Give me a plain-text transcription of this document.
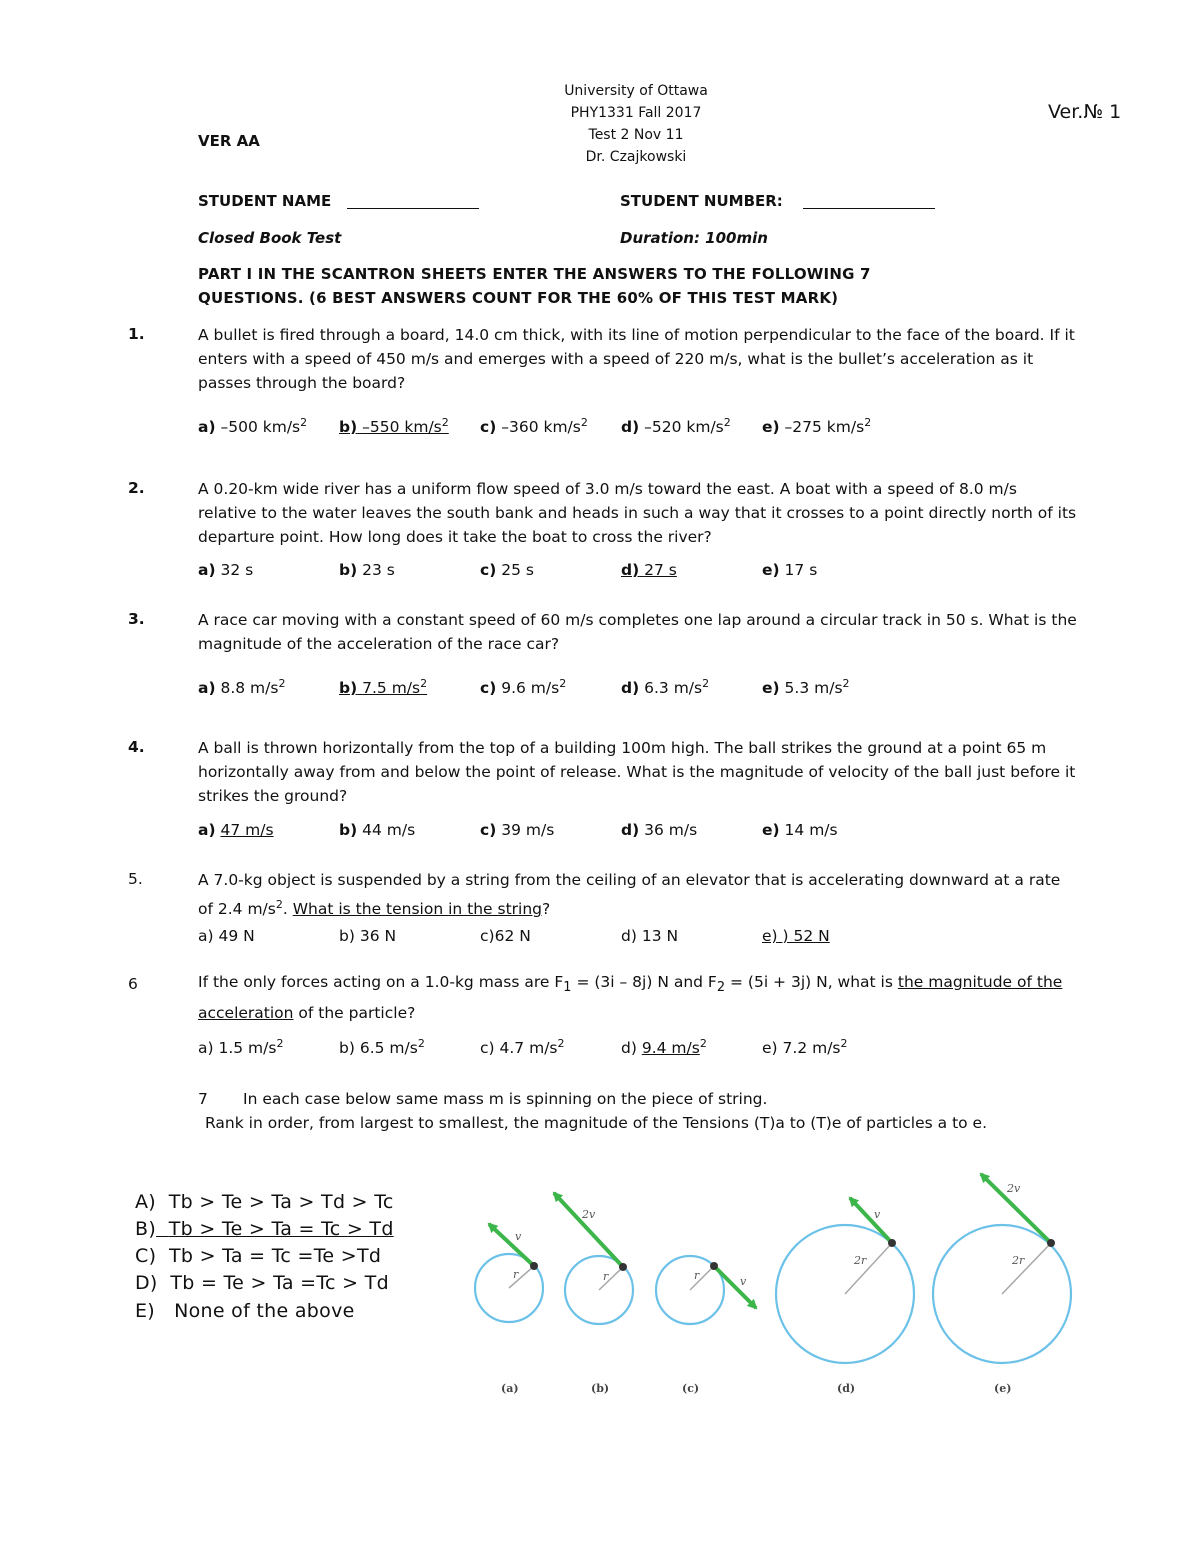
University of Ottawa
PHY1331 Fall 2017
Test 2 Nov 11
Dr. Czajkowski
VER AA
Ver.№ 1
STUDENT NAME	STUDENT NUMBER:
Closed Book Test	Duration: 100min
PART I IN THE SCANTRON SHEETS ENTER THE ANSWERS TO THE FOLLOWING 7
QUESTIONS. (6 BEST ANSWERS COUNT FOR THE 60% OF THIS TEST MARK)
1.	A bullet is fired through a board, 14.0 cm thick, with its line of motion perpendicular to the face of the board. If it enters with a speed of 450 m/s and emerges with a speed of 220 m/s, what is the bullet’s acceleration as it passes through the board?
a) –500 $km/s^2$ b) –550 $km/s^2$ c) –360 $km/s^2$ d) –520 $km/s^2$ e) –275 $km/s^2$
2.	A 0.20-km wide river has a uniform flow speed of 3.0 m/s toward the east. A boat with a speed of 8.0 m/s relative to the water leaves the south bank and heads in such a way that it crosses to a point directly north of its departure point. How long does it take the boat to cross the river?
a) 32 s	b) 23 s	c) 25 s	d) 27 s	e) 17 s
3.	A race car moving with a constant speed of 60 m/s completes one lap around a circular track in 50 s. What is the magnitude of the acceleration of the race car?
a) 8.8 $m/s^2$	b) 7.5 $m/s^2$	c) 9.6 $m/s^2$	d) 6.3 $m/s^2$	e) 5.3 $m/s^2$
4.	A ball is thrown horizontally from the top of a building 100m high. The ball strikes the ground at a point 65 m horizontally away from and below the point of release. What is the magnitude of velocity of the ball just before it strikes the ground?
a) 47 m/s	b) 44 m/s	c) 39 m/s	d) 36 m/s	e) 14 m/s
5.	A 7.0-kg object is suspended by a string from the ceiling of an elevator that is accelerating downward at a rate
of 2.4 $m/s^2$. What is the tension in the string?
a) 49 N	b) 36 N	c)62 N	d) 13 N	e) ) 52 N
6	If the only forces acting on a 1.0-kg mass are $F_1 = (3i - 8j)$ N and $F_2 = (5i + 3j)$ N, what is the magnitude of the
acceleration of the particle?
a) 1.5 $m/s^2$	b) 6.5 $m/s^2$	c) 4.7 $m/s^2$	d) 9.4 $m/s^2$	e) 7.2 $m/s^2$
7 In each case below same mass m is spinning on the piece of string.
Rank in order, from largest to smallest, the magnitude of the Tensions (T)a to (T)e of particles a to e.
A) Tb > Te > Ta > Td > Tc
B) Tb > Te > Ta = Tc > Td
C) Tb > Ta = Tc =Te >Td
D) Tb = Te > Ta =Tc > Td
E) None of the above
r
v
(a)
r
2v
(b)
r	v
(c)
2r
v
(d)
2r
2v
(e)
